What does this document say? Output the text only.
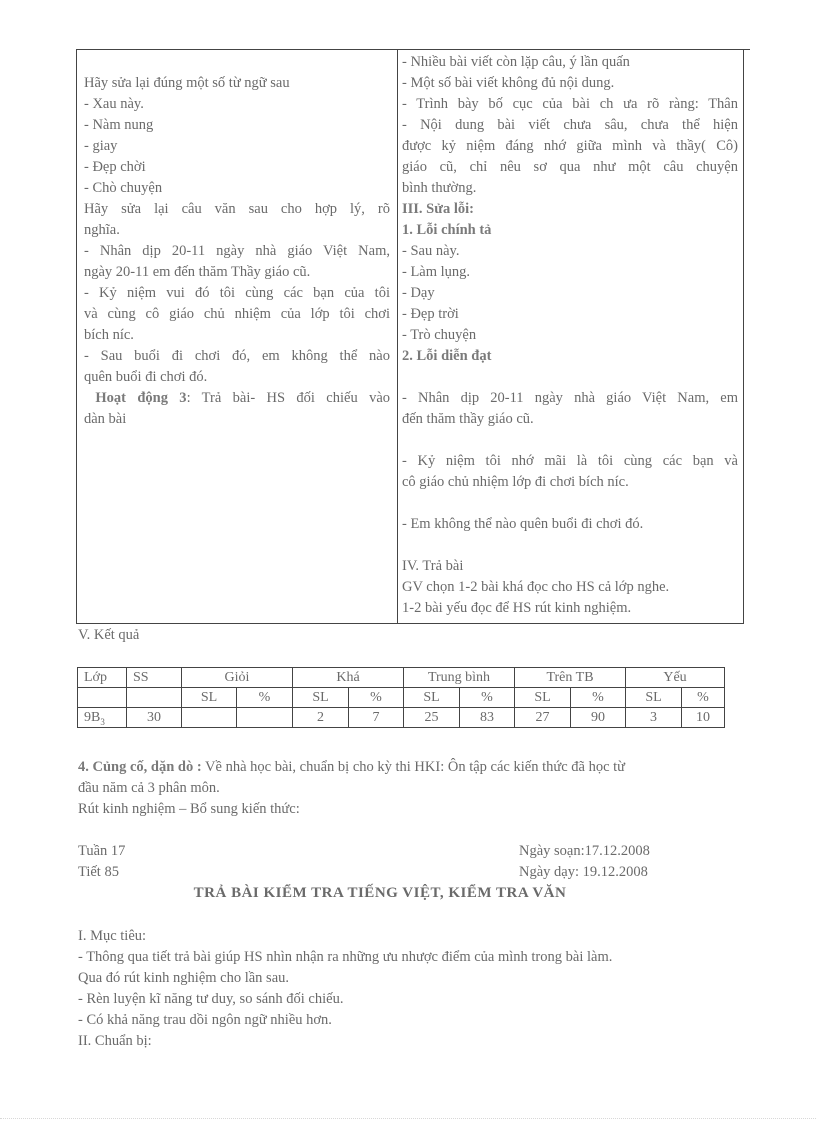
Hãy sửa lại đúng một số từ ngữ sau
- Xau này.
- Nàm nung
- giay
- Đẹp chời
- Chò chuyện
Hãy sửa lại câu văn sau cho hợp lý, rõ
nghĩa.
- Nhân dịp 20-11 ngày nhà giáo Việt Nam,
ngày 20-11 em đến thăm Thầy giáo cũ.
- Kỷ niệm vui đó tôi cùng các bạn của tôi
và cùng cô giáo chủ nhiệm của lớp tôi chơi
bích níc.
- Sau buổi đi chơi đó, em không thể nào
quên buổi đi chơi đó.
Hoạt động 3: Trả bài- HS đối chiếu vào
dàn bài
- Nhiều bài viết còn lặp câu, ý lần quấn
- Một số bài viết không đủ nội dung.
- Trình bày bố cục của bài ch ưa rõ ràng: Thân
- Nội dung bài viết chưa sâu, chưa thể hiện
được kỷ niệm đáng nhớ giữa mình và thầy( Cô)
giáo cũ, chỉ nêu sơ qua như một câu chuyện
bình thường.
III. Sửa lỗi:
1. Lỗi chính tả
- Sau này.
- Làm lụng.
- Dạy
- Đẹp trời
- Trò chuyện
2. Lỗi diễn đạt
- Nhân dịp 20-11 ngày nhà giáo Việt Nam, em
đến thăm thầy giáo cũ.
- Kỷ niệm tôi nhớ mãi là tôi cùng các bạn và
cô giáo chủ nhiệm lớp đi chơi bích níc.
- Em không thể nào quên buổi đi chơi đó.
IV. Trả bài
GV chọn 1-2 bài khá đọc cho HS cả lớp nghe.
1-2 bài yếu đọc để HS rút kinh nghiệm.
V. Kết quả
Lớp	SS	Giỏi		Khá		Trung bình		Trên TB		Yếu	
		SL	%	SL	%	SL	%	SL	%	SL	%
$9B_3$	30			2	7	25	83	27	90	3	10
4. Củng cố, dặn dò : Về nhà học bài, chuẩn bị cho kỳ thi HKI: Ôn tập các kiến thức đã học từ
đầu năm cả 3 phân môn.
Rút kinh nghiệm – Bổ sung kiến thức:
Tuần 17
Tiết 85
Ngày soạn:17.12.2008
Ngày dạy: 19.12.2008
TRẢ BÀI KIỂM TRA TIẾNG VIỆT, KIỂM TRA VĂN
I. Mục tiêu:
- Thông qua tiết trả bài giúp HS nhìn nhận ra những ưu nhược điểm của mình trong bài làm.
Qua đó rút kinh nghiệm cho lần sau.
- Rèn luyện kĩ năng tư duy, so sánh đối chiếu.
- Có khả năng trau dồi ngôn ngữ nhiều hơn.
II. Chuẩn bị:
